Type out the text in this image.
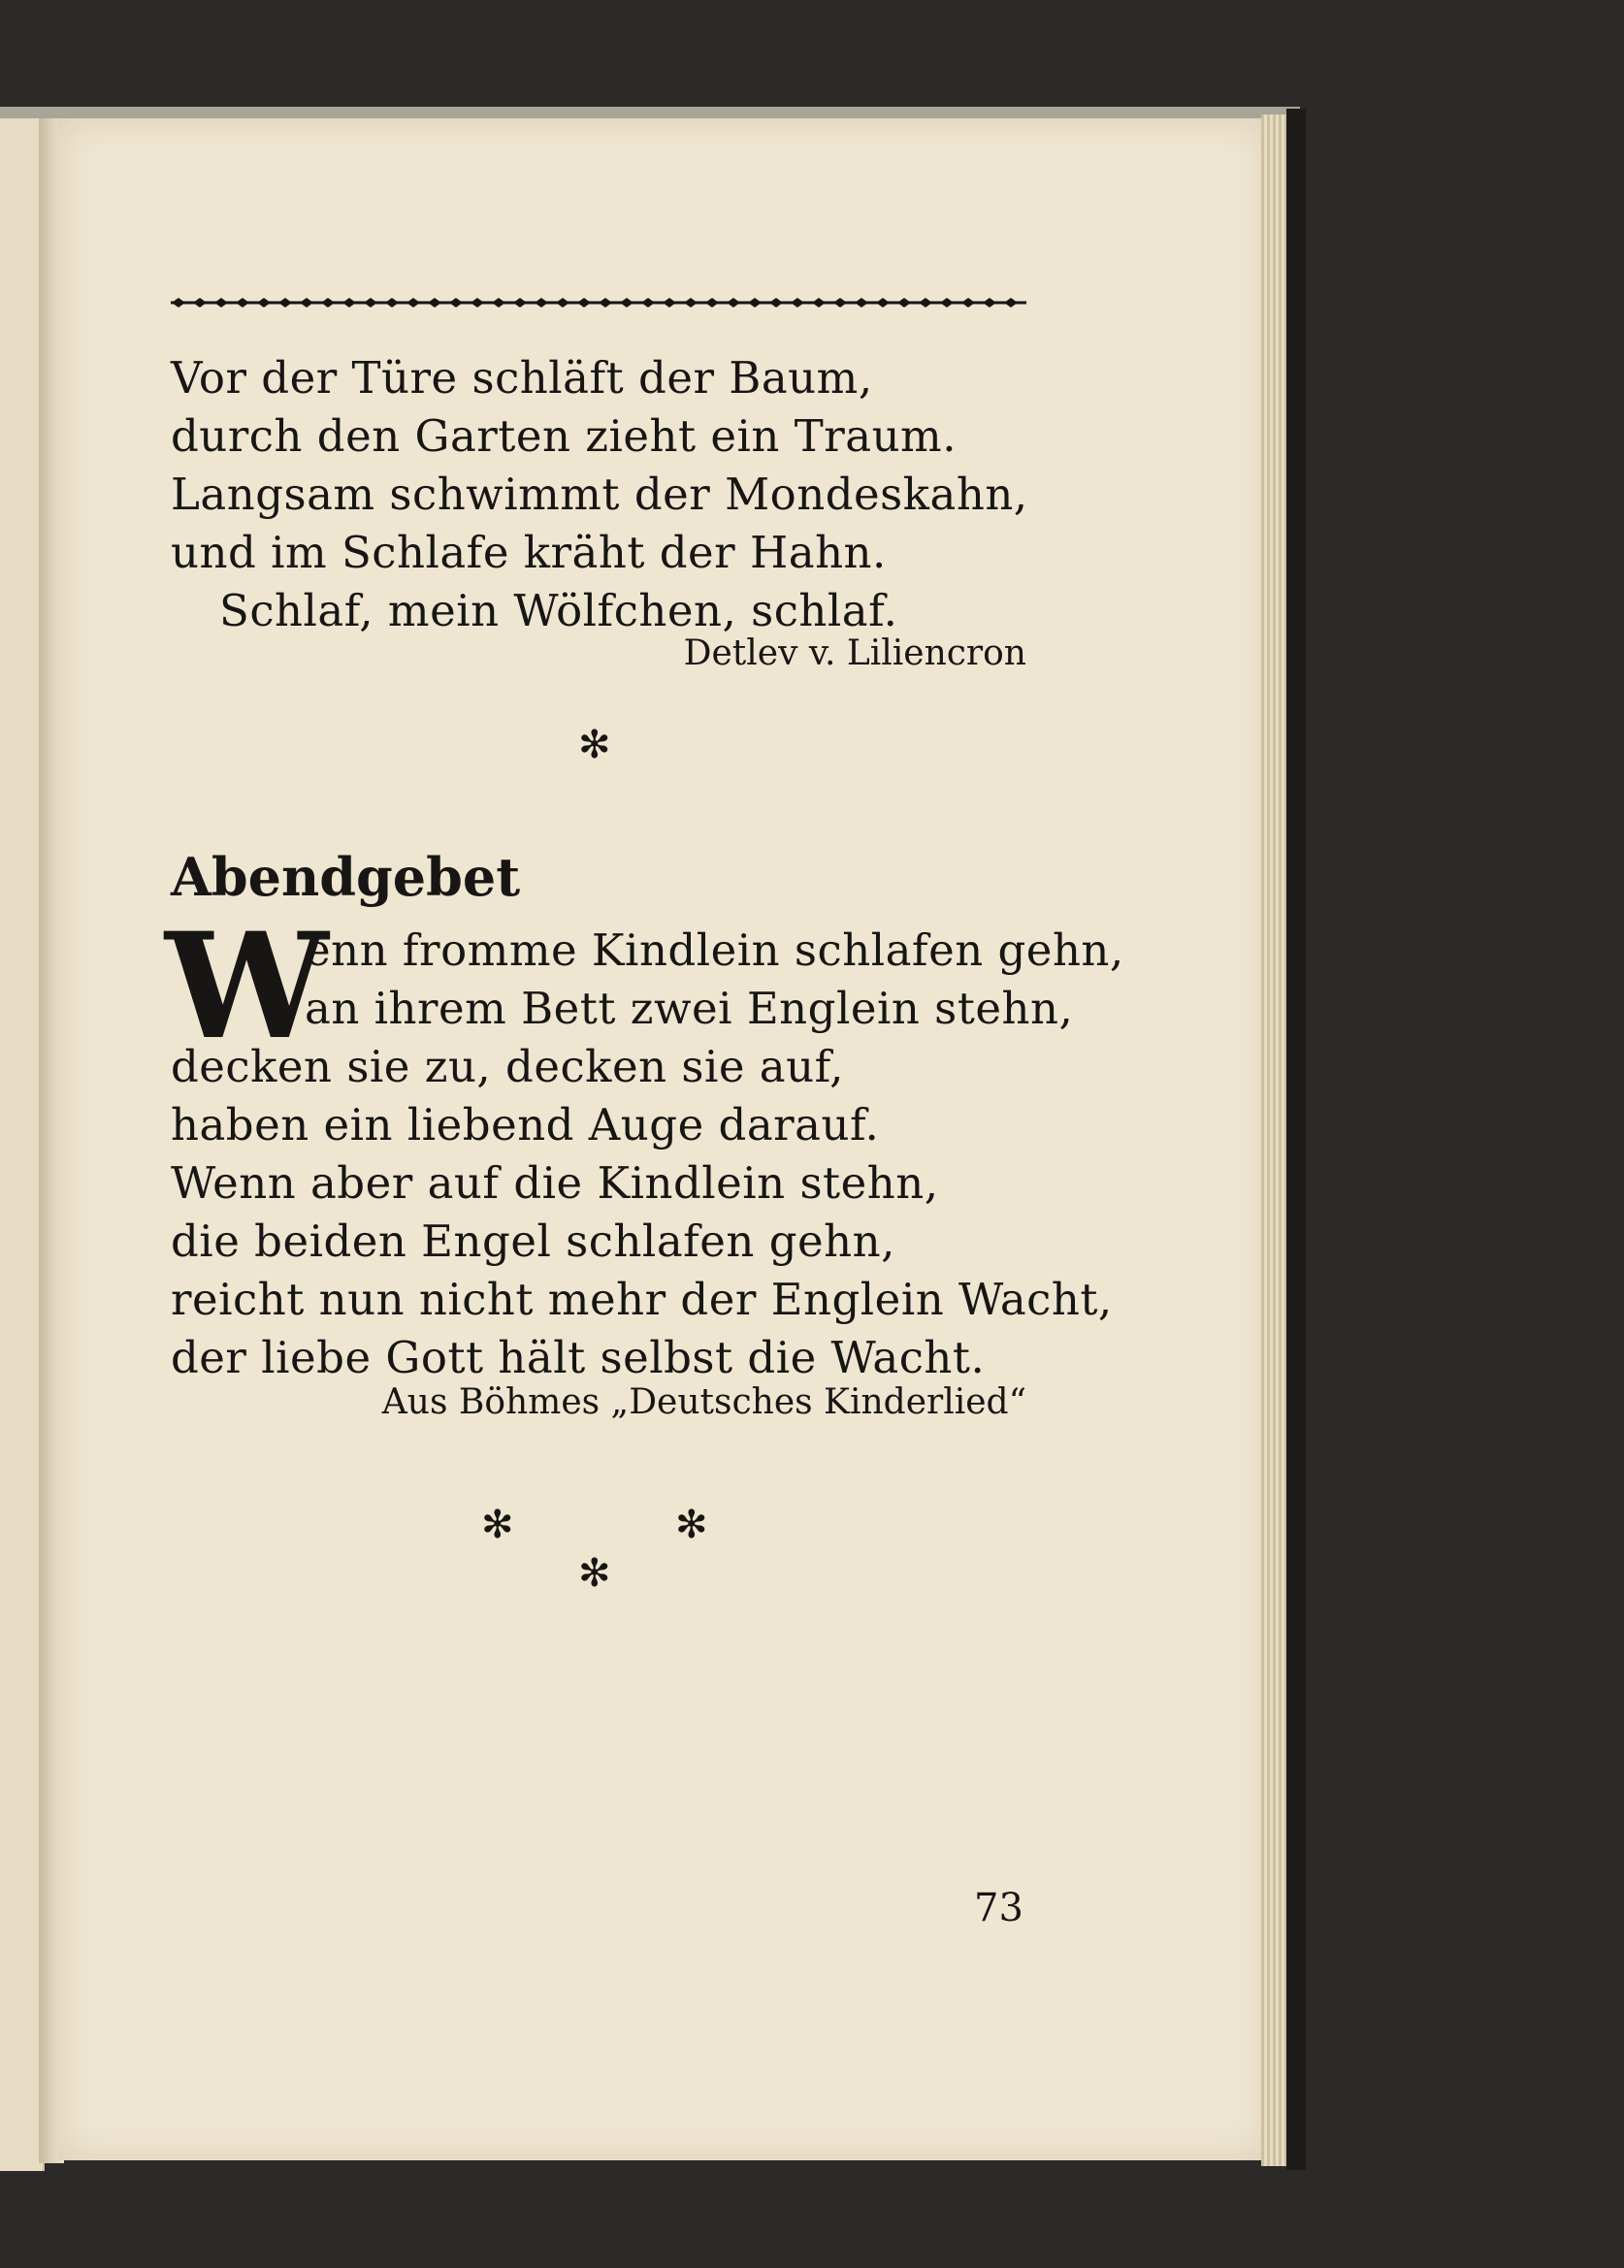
Vor der Türe schläft der Baum,
durch den Garten zieht ein Traum.
Langsam schwimmt der Mondeskahn,
und im Schlafe kräht der Hahn.
Schlaf, mein Wölfchen, schlaf.
Detlev v. Liliencron
✻
Abendgebet
W
enn fromme Kindlein schlafen gehn,
an ihrem Bett zwei Englein stehn,
decken sie zu, decken sie auf,
haben ein liebend Auge darauf.
Wenn aber auf die Kindlein stehn,
die beiden Engel schlafen gehn,
reicht nun nicht mehr der Englein Wacht,
der liebe Gott hält selbst die Wacht.
Aus Böhmes „Deutsches Kinderlied“
✻	✻
✻
73
